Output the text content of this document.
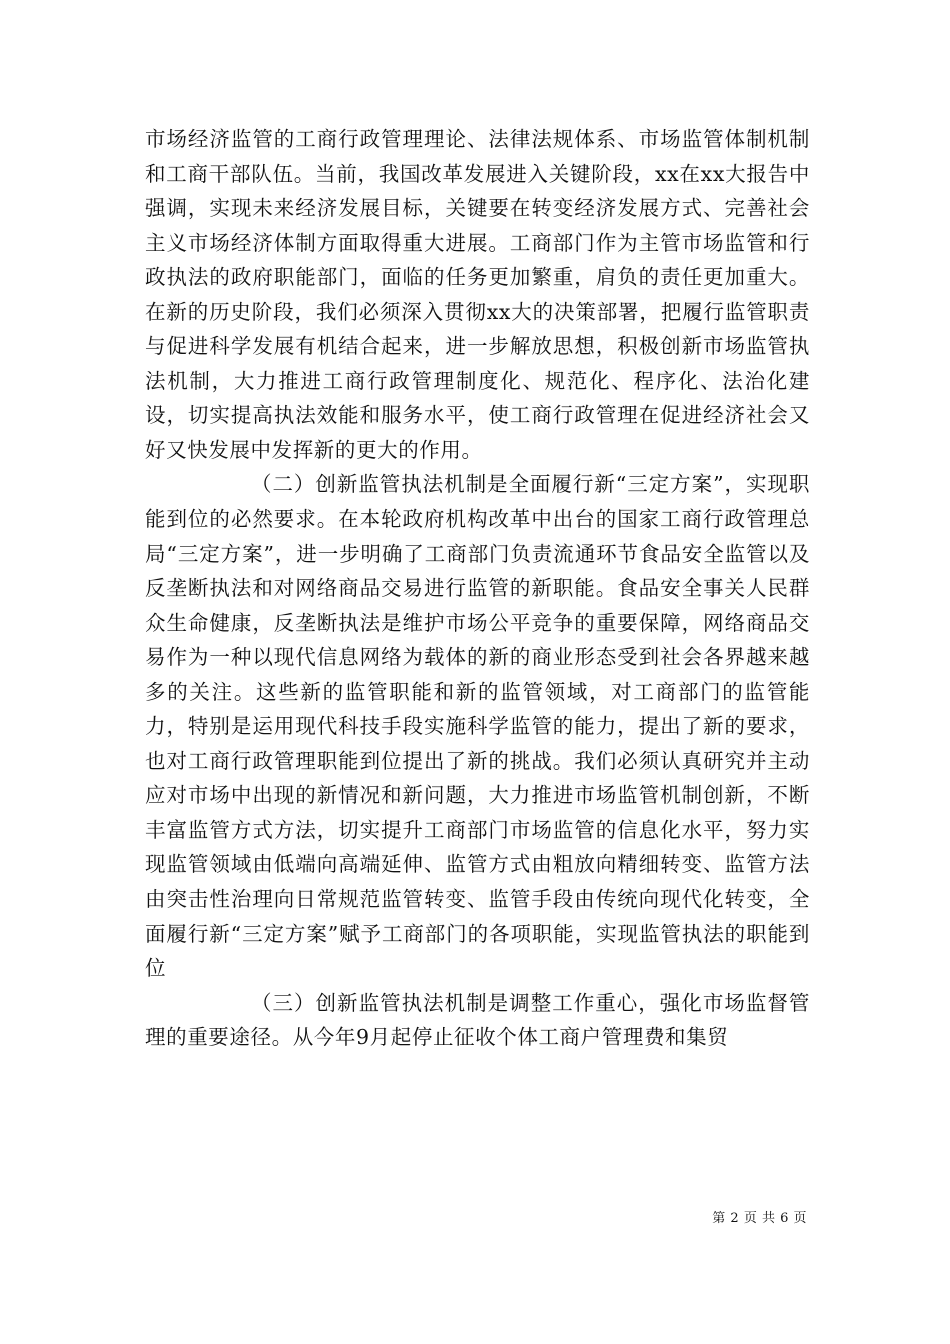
市场经济监管的工商行政管理理论、法律法规体系、市场监管体制机制和工商干部队伍。当前，我国改革发展进入关键阶段，xx在xx大报告中强调，实现未来经济发展目标，关键要在转变经济发展方式、完善社会主义市场经济体制方面取得重大进展。工商部门作为主管市场监管和行政执法的政府职能部门，面临的任务更加繁重，肩负的责任更加重大。在新的历史阶段，我们必须深入贯彻xx大的决策部署，把履行监管职责与促进科学发展有机结合起来，进一步解放思想，积极创新市场监管执法机制，大力推进工商行政管理制度化、规范化、程序化、法治化建设，切实提高执法效能和服务水平，使工商行政管理在促进经济社会又好又快发展中发挥新的更大的作用。

（二）创新监管执法机制是全面履行新“三定方案”，实现职能到位的必然要求。在本轮政府机构改革中出台的国家工商行政管理总局“三定方案”，进一步明确了工商部门负责流通环节食品安全监管以及反垄断执法和对网络商品交易进行监管的新职能。食品安全事关人民群众生命健康，反垄断执法是维护市场公平竞争的重要保障，网络商品交易作为一种以现代信息网络为载体的新的商业形态受到社会各界越来越多的关注。这些新的监管职能和新的监管领域，对工商部门的监管能力，特别是运用现代科技手段实施科学监管的能力，提出了新的要求，也对工商行政管理职能到位提出了新的挑战。我们必须认真研究并主动应对市场中出现的新情况和新问题，大力推进市场监管机制创新，不断丰富监管方式方法，切实提升工商部门市场监管的信息化水平，努力实现监管领域由低端向高端延伸、监管方式由粗放向精细转变、监管方法由突击性治理向日常规范监管转变、监管手段由传统向现代化转变，全面履行新“三定方案”赋予工商部门的各项职能，实现监管执法的职能到位

（三）创新监管执法机制是调整工作重心，强化市场监督管理的重要途径。从今年9月起停止征收个体工商户管理费和集贸

第 2 页 共 6 页
